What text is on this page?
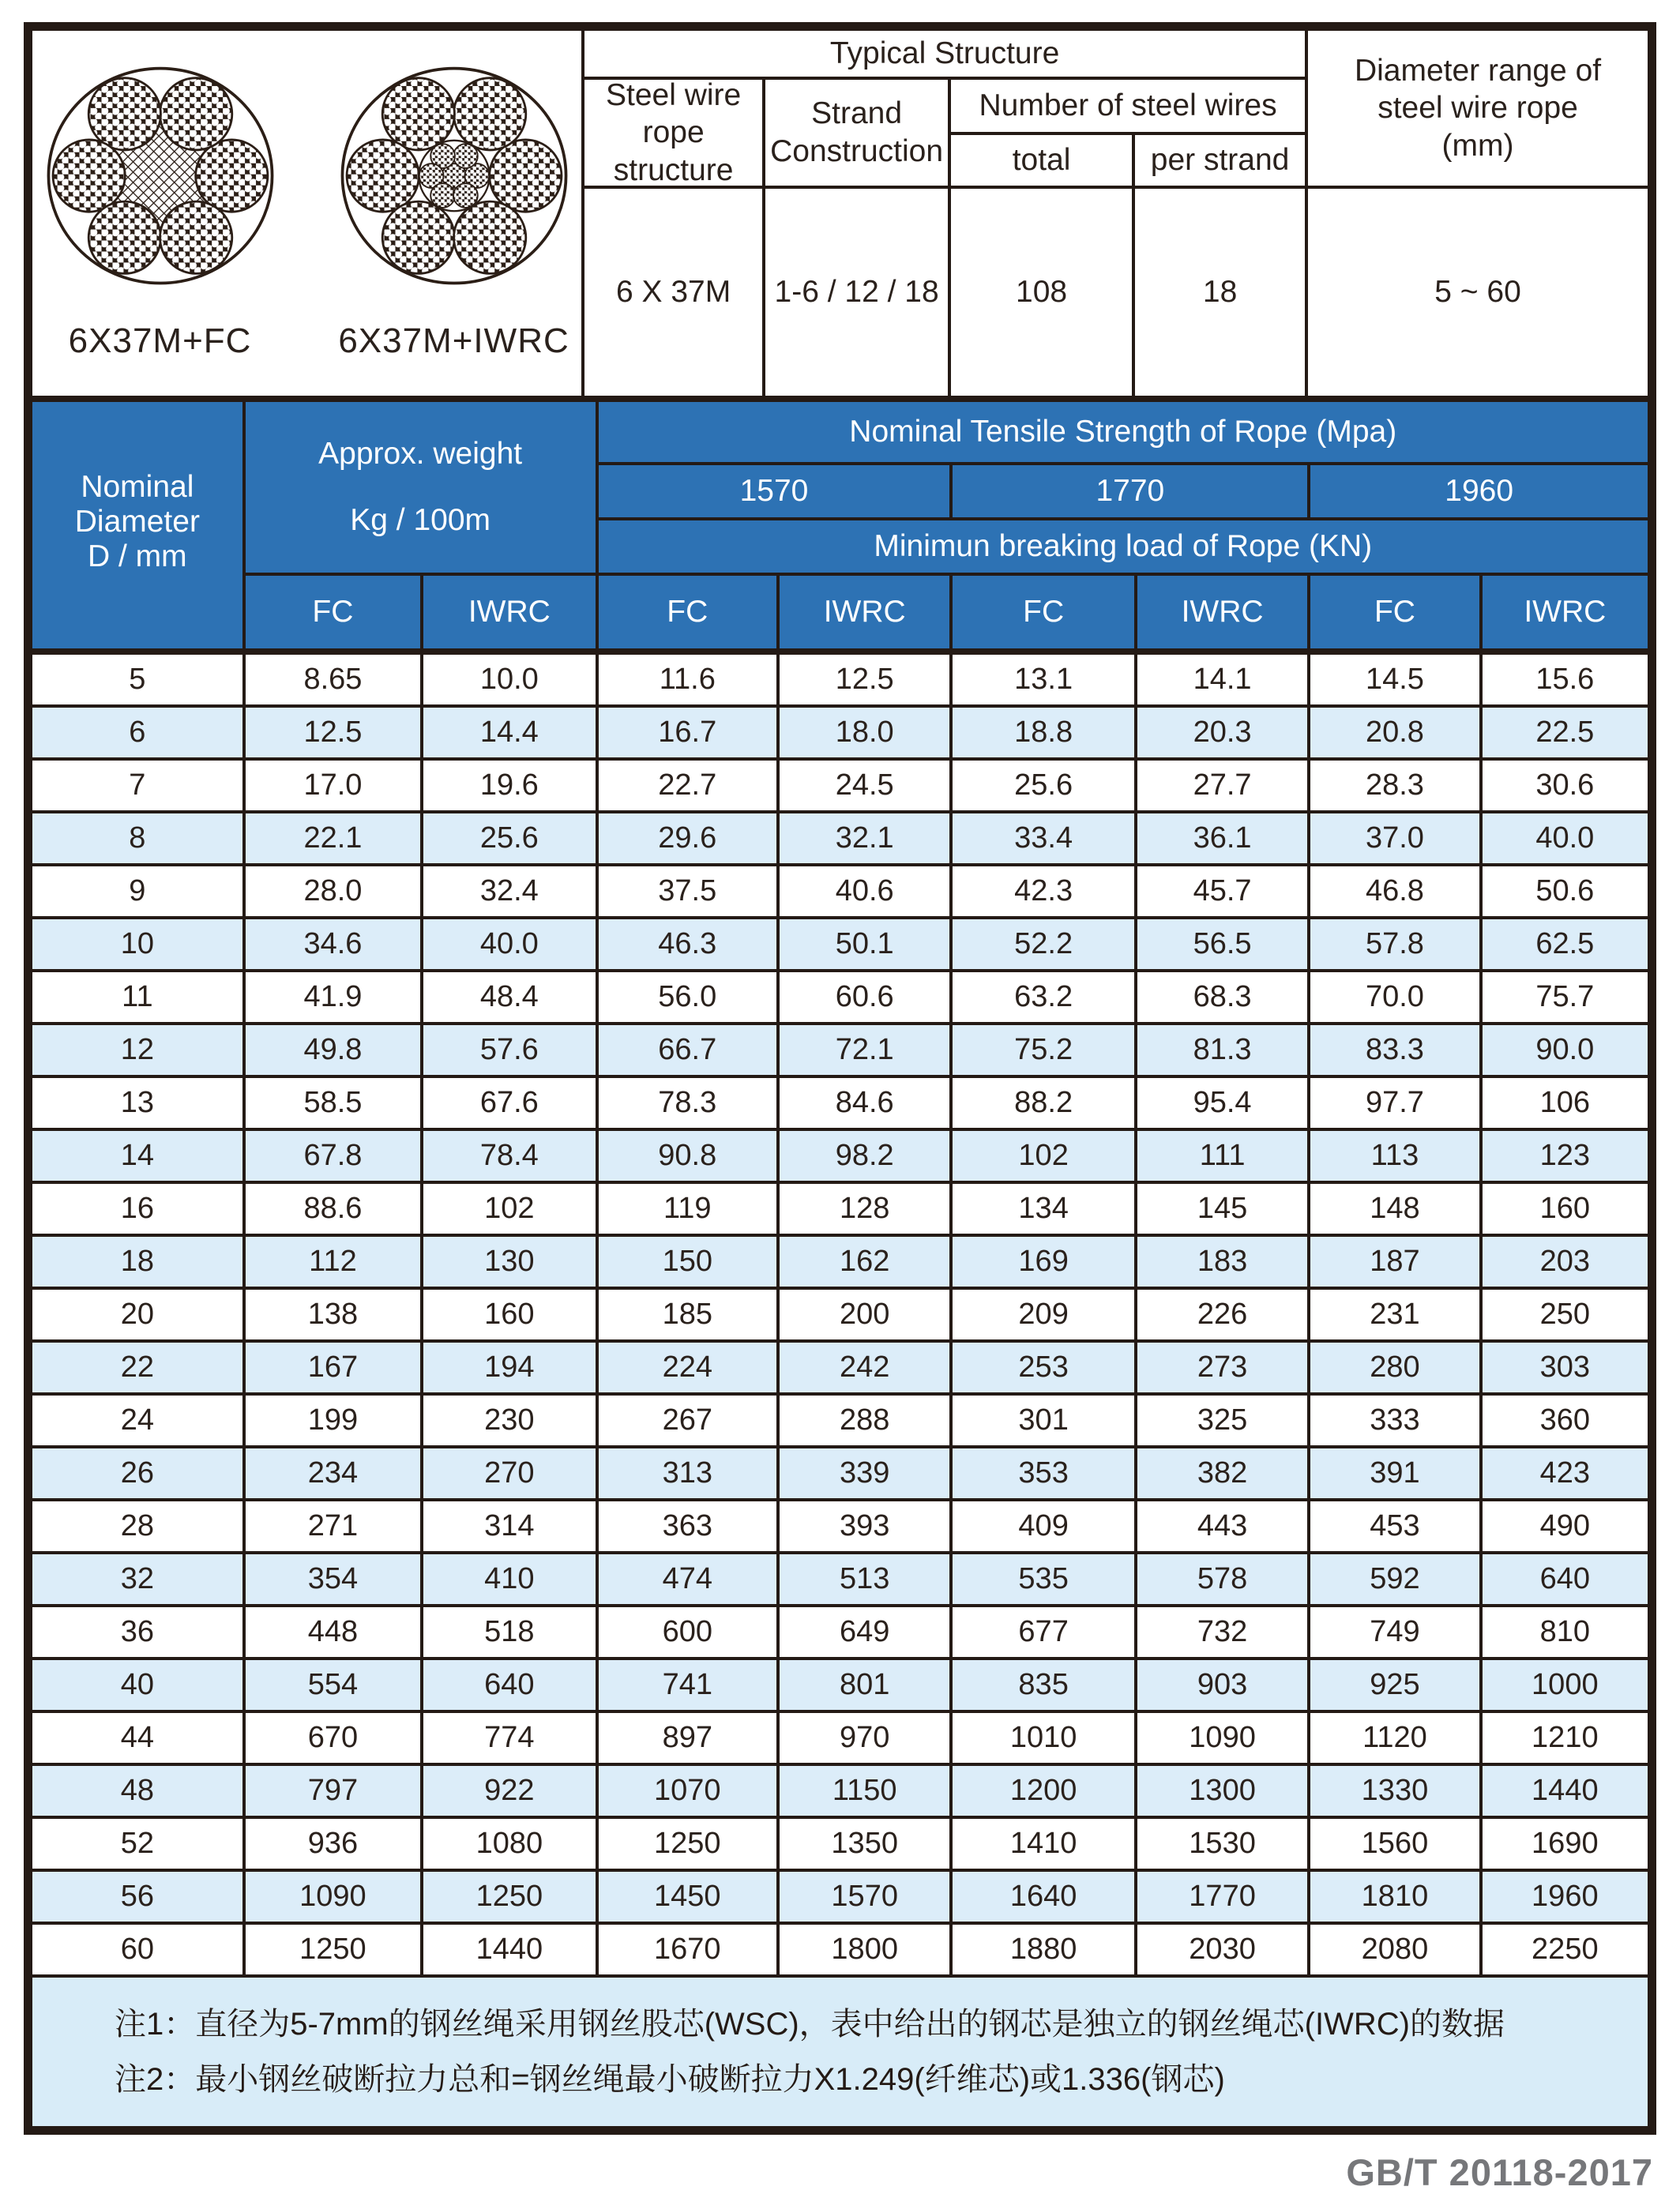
6X37M+FC 6X37M+IWRC
Typical Structure
Steel wire rope structure
Strand Construction
Number of steel wires
total	per strand
Diameter range of steel wire rope (mm)
6 X 37M	1-6 / 12 / 18	108	18	5 ~ 60
Nominal Diameter
D / mm
Approx. weight
Kg / 100m
Nominal Tensile Strength of Rope (Mpa)
1570	1770	1960
Minimun breaking load of Rope (KN)
FC	IWRC	FC	IWRC	FC	IWRC	FC	IWRC
5	8.65	10.0	11.6	12.5	13.1	14.1	14.5	15.6
6	12.5	14.4	16.7	18.0	18.8	20.3	20.8	22.5
7	17.0	19.6	22.7	24.5	25.6	27.7	28.3	30.6
8	22.1	25.6	29.6	32.1	33.4	36.1	37.0	40.0
9	28.0	32.4	37.5	40.6	42.3	45.7	46.8	50.6
10	34.6	40.0	46.3	50.1	52.2	56.5	57.8	62.5
11	41.9	48.4	56.0	60.6	63.2	68.3	70.0	75.7
12	49.8	57.6	66.7	72.1	75.2	81.3	83.3	90.0
13	58.5	67.6	78.3	84.6	88.2	95.4	97.7	106
14	67.8	78.4	90.8	98.2	102	111	113	123
16	88.6	102	119	128	134	145	148	160
18	112	130	150	162	169	183	187	203
20	138	160	185	200	209	226	231	250
22	167	194	224	242	253	273	280	303
24	199	230	267	288	301	325	333	360
26	234	270	313	339	353	382	391	423
28	271	314	363	393	409	443	453	490
32	354	410	474	513	535	578	592	640
36	448	518	600	649	677	732	749	810
40	554	640	741	801	835	903	925	1000
44	670	774	897	970	1010	1090	1120	1210
48	797	922	1070	1150	1200	1300	1330	1440
52	936	1080	1250	1350	1410	1530	1560	1690
56	1090	1250	1450	1570	1640	1770	1810	1960
60	1250	1440	1670	1800	1880	2030	2080	2250
注1：直径为5-7mm的钢丝绳采用钢丝股芯(WSC)，表中给出的钢芯是独立的钢丝绳芯(IWRC)的数据
注2：最小钢丝破断拉力总和=钢丝绳最小破断拉力X1.249(纤维芯)或1.336(钢芯)
GB/T 20118-2017
